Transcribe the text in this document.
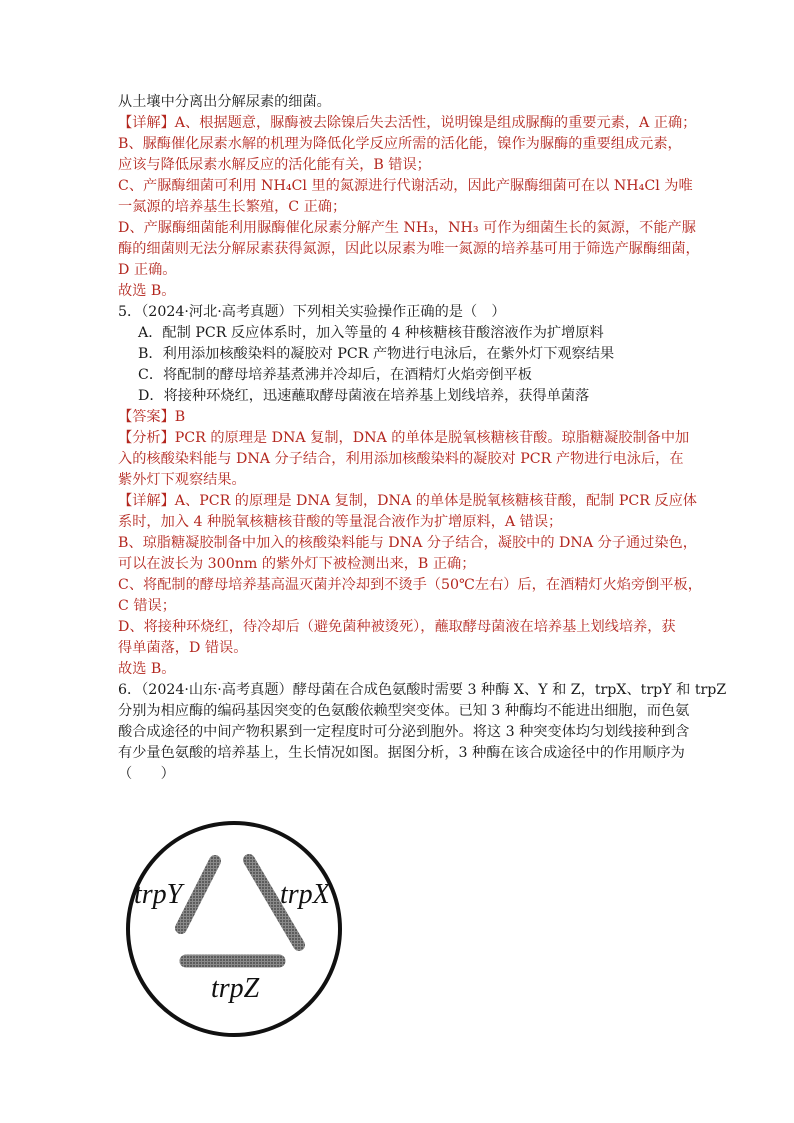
从土壤中分离出分解尿素的细菌。
【详解】A、根据题意，脲酶被去除镍后失去活性，说明镍是组成脲酶的重要元素，A 正确；
B、脲酶催化尿素水解的机理为降低化学反应所需的活化能，镍作为脲酶的重要组成元素，
应该与降低尿素水解反应的活化能有关，B 错误；
C、产脲酶细菌可利用 NH₄Cl 里的氮源进行代谢活动，因此产脲酶细菌可在以 NH₄Cl 为唯
一氮源的培养基生长繁殖，C 正确；
D、产脲酶细菌能利用脲酶催化尿素分解产生 NH₃，NH₃ 可作为细菌生长的氮源，不能产脲
酶的细菌则无法分解尿素获得氮源，因此以尿素为唯一氮源的培养基可用于筛选产脲酶细菌，
D 正确。
故选 B。
5．（2024·河北·高考真题）下列相关实验操作正确的是（　）
A．配制 PCR 反应体系时，加入等量的 4 种核糖核苷酸溶液作为扩增原料
B．利用添加核酸染料的凝胶对 PCR 产物进行电泳后，在紫外灯下观察结果
C．将配制的酵母培养基煮沸并冷却后，在酒精灯火焰旁倒平板
D．将接种环烧红，迅速蘸取酵母菌液在培养基上划线培养，获得单菌落
【答案】B
【分析】PCR 的原理是 DNA 复制，DNA 的单体是脱氧核糖核苷酸。琼脂糖凝胶制备中加
入的核酸染料能与 DNA 分子结合，利用添加核酸染料的凝胶对 PCR 产物进行电泳后，在
紫外灯下观察结果。
【详解】A、PCR 的原理是 DNA 复制，DNA 的单体是脱氧核糖核苷酸，配制 PCR 反应体
系时，加入 4 种脱氧核糖核苷酸的等量混合液作为扩增原料，A 错误；
B、琼脂糖凝胶制备中加入的核酸染料能与 DNA 分子结合，凝胶中的 DNA 分子通过染色，
可以在波长为 300nm 的紫外灯下被检测出来，B 正确；
C、将配制的酵母培养基高温灭菌并冷却到不烫手（50℃左右）后，在酒精灯火焰旁倒平板，
C 错误；
D、将接种环烧红，待冷却后（避免菌种被烫死），蘸取酵母菌液在培养基上划线培养，获
得单菌落，D 错误。
故选 B。
6．（2024·山东·高考真题）酵母菌在合成色氨酸时需要 3 种酶 X、Y 和 Z，trpX、trpY 和 trpZ
分别为相应酶的编码基因突变的色氨酸依赖型突变体。已知 3 种酶均不能进出细胞，而色氨
酸合成途径的中间产物积累到一定程度时可分泌到胞外。将这 3 种突变体均匀划线接种到含
有少量色氨酸的培养基上，生长情况如图。据图分析，3 种酶在该合成途径中的作用顺序为
（　　）
trpY	trpX
trpZ
